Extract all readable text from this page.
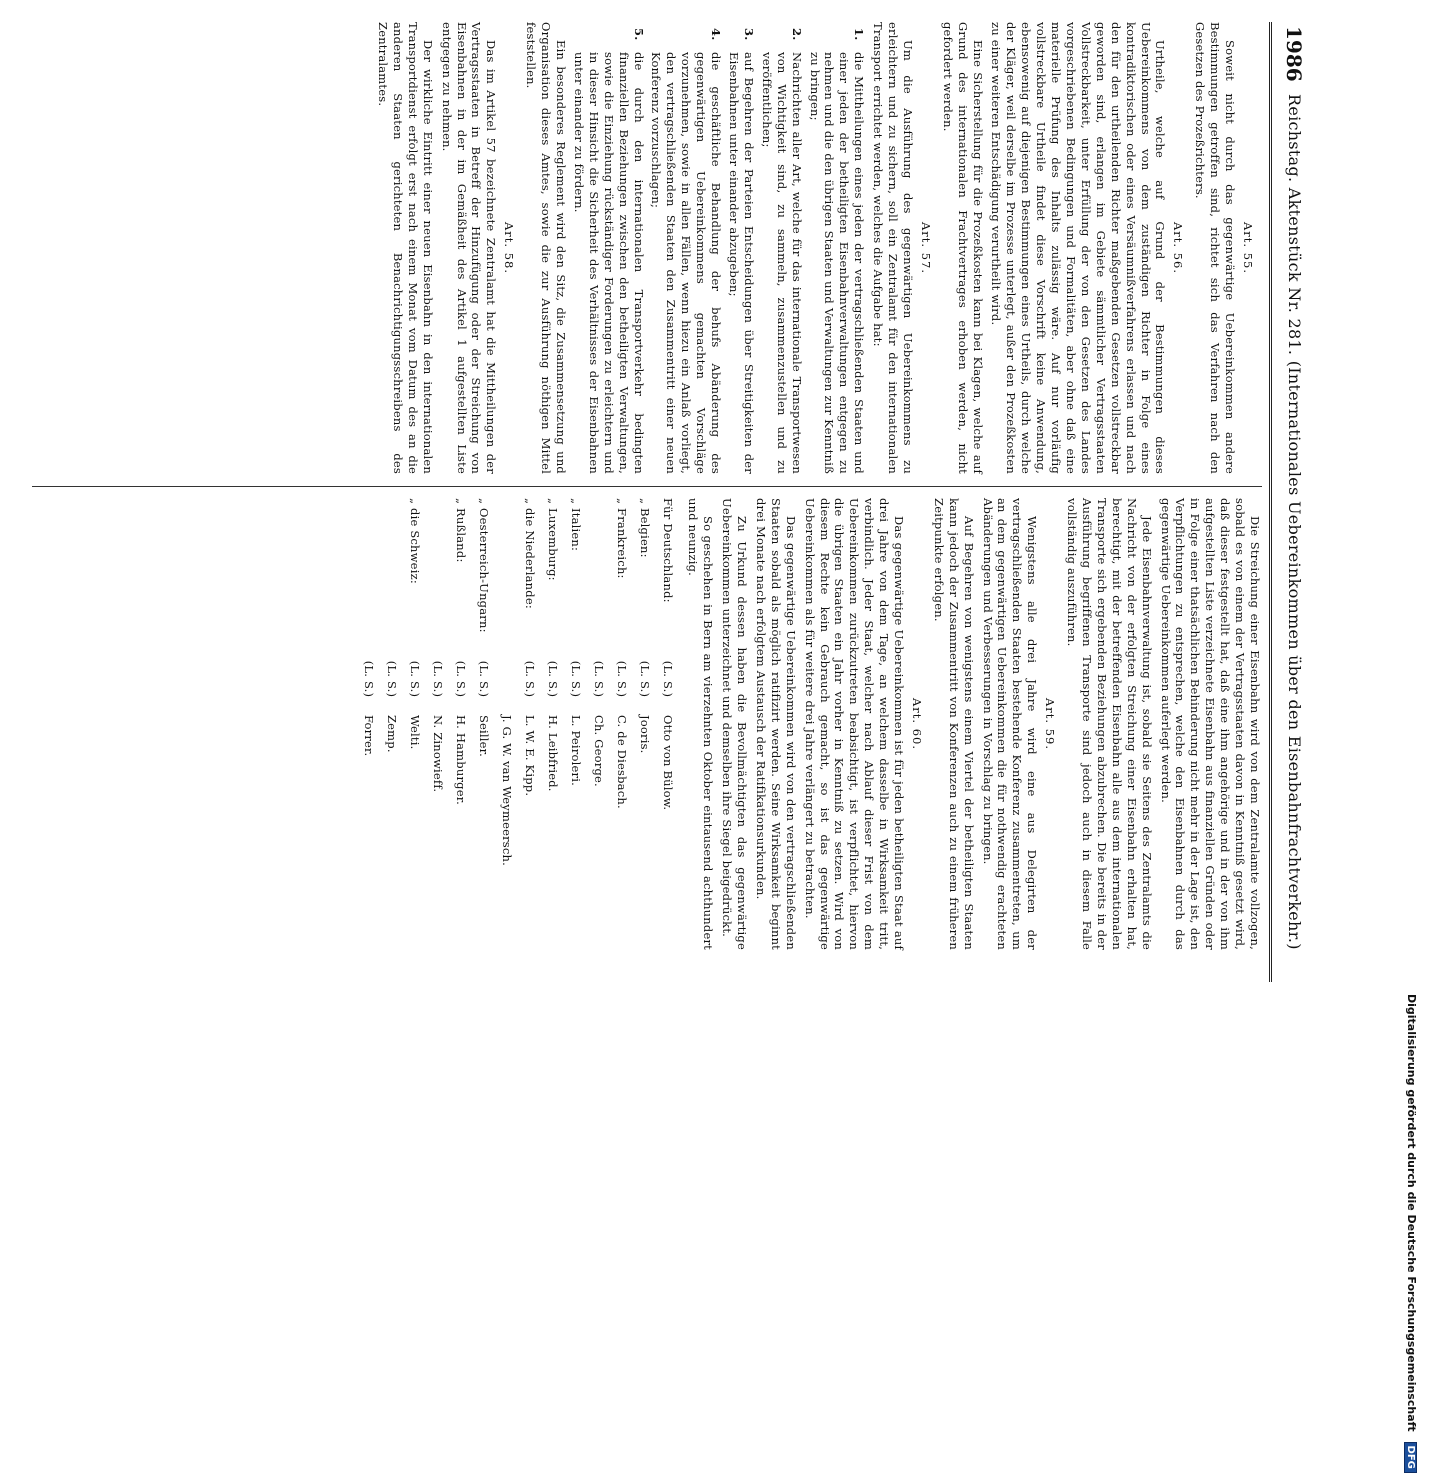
1986
Reichstag. Aktenstück Nr. 281. (Internationales Uebereinkommen über den Eisenbahnfrachtverkehr.)
Art. 55.

Soweit nicht durch das gegenwärtige Uebereinkommen andere Bestimmungen getroffen sind, richtet sich das Verfahren nach den Gesetzen des Prozeßrichters.

Art. 56.

Urtheile, welche auf Grund der Bestimmungen dieses Uebereinkommens von dem zuständigen Richter in Folge eines kontradiktorischen oder eines Versäumnißverfahrens erlassen und nach den für den urtheilenden Richter maßgebenden Gesetzen vollstreckbar geworden sind, erlangen im Gebiete sämmtlicher Vertragsstaaten Vollstreckbarkeit, unter Erfüllung der von den Gesetzen des Landes vorgeschriebenen Bedingungen und Formalitäten, aber ohne daß eine materielle Prüfung des Inhalts zulässig wäre. Auf nur vorläufig vollstreckbare Urtheile findet diese Vorschrift keine Anwendung, ebensowenig auf diejenigen Bestimmungen eines Urtheils, durch welche der Kläger, weil derselbe im Prozesse unterlegt, außer den Prozeßkosten zu einer weiteren Entschädigung verurtheilt wird.

Eine Sicherstellung für die Prozeßkosten kann bei Klagen, welche auf Grund des internationalen Frachtvertrages erhoben werden, nicht gefordert werden.

Art. 57.

Um die Ausführung des gegenwärtigen Uebereinkommens zu erleichtern und zu sichern, soll ein Zentralamt für den internationalen Transport errichtet werden, welches die Aufgabe hat:

1.
die Mittheilungen eines jeden der vertragschließenden Staaten und einer jeden der betheiligten Eisenbahnverwaltungen entgegen zu nehmen und die den übrigen Staaten und Verwaltungen zur Kenntniß zu bringen;
2.
Nachrichten aller Art, welche für das internationale Transportwesen von Wichtigkeit sind, zu sammeln, zusammenzustellen und zu veröffentlichen;
3.
auf Begehren der Parteien Entscheidungen über Streitigkeiten der Eisenbahnen unter einander abzugeben;
4.
die geschäftliche Behandlung der behufs Abänderung des gegenwärtigen Uebereinkommens gemachten Vorschläge vorzunehmen, sowie in allen Fällen, wenn hiezu ein Anlaß vorliegt, den vertragschließenden Staaten den Zusammentritt einer neuen Konferenz vorzuschlagen;
5.
die durch den internationalen Transportverkehr bedingten finanziellen Beziehungen zwischen den betheiligten Verwaltungen, sowie die Einziehung rückständiger Forderungen zu erleichtern und in dieser Hinsicht die Sicherheit des Verhältnisses der Eisenbahnen unter einander zu fördern.

Ein besonderes Reglement wird den Sitz, die Zusammensetzung und Organisation dieses Amtes, sowie die zur Ausführung nöthigen Mittel feststellen.

Art. 58.

Das im Artikel 57 bezeichnete Zentralamt hat die Mittheilungen der Vertragsstaaten in Betreff der Hinzufügung oder der Streichung von Eisenbahnen in der im Gemäßheit des Artikel 1 aufgestellten Liste entgegen zu nehmen.

Der wirkliche Eintritt einer neuen Eisenbahn in den internationalen Transportdienst erfolgt erst nach einem Monat vom Datum des an die anderen Staaten gerichteten Benachrichtigungsschreibens des Zentralamtes.

Die Streichung einer Eisenbahn wird von dem Zentralamte vollzogen, sobald es von einem der Vertragsstaaten davon in Kenntniß gesetzt wird, daß dieser festgestellt hat, daß eine ihm angehörige und in der von ihm aufgestellten Liste verzeichnete Eisenbahn aus finanziellen Gründen oder in Folge einer thatsächlichen Behinderung nicht mehr in der Lage ist, den Verpflichtungen zu entsprechen, welche den Eisenbahnen durch das gegenwärtige Uebereinkommen auferlegt werden.

Jede Eisenbahnverwaltung ist, sobald sie Seitens des Zentralamts die Nachricht von der erfolgten Streichung einer Eisenbahn erhalten hat, berechtigt, mit der betreffenden Eisenbahn alle aus dem internationalen Transporte sich ergebenden Beziehungen abzubrechen. Die bereits in der Ausführung begriffenen Transporte sind jedoch auch in diesem Falle vollständig auszuführen.

Art. 59.

Wenigstens alle drei Jahre wird eine aus Delegirten der vertragschließenden Staaten bestehende Konferenz zusammentreten, um an dem gegenwärtigen Uebereinkommen die für nothwendig erachteten Abänderungen und Verbesserungen in Vorschlag zu bringen.

Auf Begehren von wenigstens einem Viertel der betheiligten Staaten kann jedoch der Zusammentritt von Konferenzen auch zu einem früheren Zeitpunkte erfolgen.

Art. 60.

Das gegenwärtige Uebereinkommen ist für jeden betheiligten Staat auf drei Jahre von dem Tage, an welchem dasselbe in Wirksamkeit tritt, verbindlich. Jeder Staat, welcher nach Ablauf dieser Frist von dem Uebereinkommen zurückzutreten beabsichtigt, ist verpflichtet, hiervon die übrigen Staaten ein Jahr vorher in Kenntniß zu setzen. Wird von diesem Rechte kein Gebrauch gemacht, so ist das gegenwärtige Uebereinkommen als für weitere drei Jahre verlängert zu betrachten.

Das gegenwärtige Uebereinkommen wird von den vertragschließenden Staaten sobald als möglich ratifizirt werden. Seine Wirksamkeit beginnt drei Monate nach erfolgtem Austausch der Ratifikationsurkunden.

Zu Urkund dessen haben die Bevollmächtigten das gegenwärtige Uebereinkommen unterzeichnet und demselben ihre Siegel beigedrückt.

So geschehen in Bern am vierzehnten Oktober eintausend achthundert und neunzig.

Für Deutschland:	(L. S.)	Otto von Bülow.
„ Belgien:	(L. S.)	Jooris.
„ Frankreich:	(L. S.)	C. de Diesbach.
	(L. S.)	Ch. George.
„ Italien:	(L. S.)	L. Peiroleri.
„ Luxemburg:	(L. S.)	H. Leibfried.
„ die Niederlande:	(L. S.)	L. W. E. Kipp.
		J. G. W. van Weymeersch.
„ Oesterreich-Ungarn:	(L. S.)	Seiller.
„ Rußland:	(L. S.)	H. Hamburger.
	(L. S.)	N. Zinowieff.
„ die Schweiz:	(L. S.)	Welti.
	(L. S.)	Zemp.
	(L. S.)	Forrer.
Digitalisierung gefördert durch die Deutsche Forschungsgemeinschaft DFG
